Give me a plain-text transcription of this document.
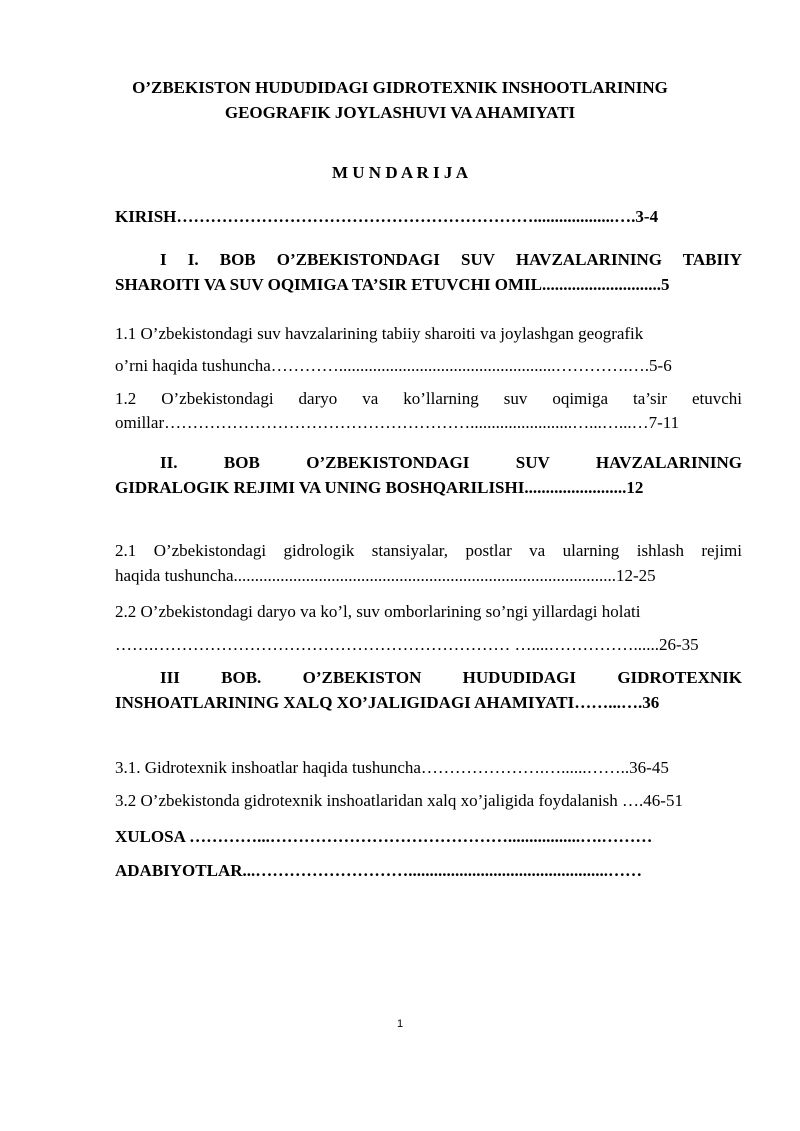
O’ZBEKISTON HUDUDIDAGI GIDROTEXNIK INSHOOTLARINING
GEOGRAFIK JOYLASHUVI VA AHAMIYATI
M U N D A R I J A
KIRISH………………………………………………………...................….3-4
I I. BOB O’ZBEKISTONDAGI SUV HAVZALARINING TABIIY
SHAROITI VA SUV OQIMIGA TA’SIR ETUVCHI OMIL............................5
1.1 O’zbekistondagi suv havzalarining tabiiy sharoiti va joylashgan geografik
o’rni haqida tushuncha…………...................................................………….….5-6
1.2 O’zbekistondagi daryo va ko’llarning suv oqimiga ta’sir etuvchi
omillar………………………………………………........................…...…...…7-11
II. BOB O’ZBEKISTONDAGI SUV HAVZALARINING
GIDRALOGIK REJIMI VA UNING BOSHQARILISHI........................12
2.1 O’zbekistondagi gidrologik stansiyalar, postlar va ularning ishlash rejimi
haqida tushuncha..........................................................................................12-25
2.2 O’zbekistondagi daryo va ko’l, suv omborlarining so’ngi yillardagi holati
…….……………………………………………………… …....……………......26-35
III BOB. O’ZBEKISTON HUDUDIDAGI GIDROTEXNIK
INSHOATLARINING XALQ XO’JALIGIDAGI AHAMIYATI……...….36
3.1. Gidrotexnik inshoatlar haqida tushuncha………………….…......……..36-45
3.2 O’zbekistonda gidrotexnik inshoatlaridan xalq xo’jaligida foydalanish ….46-51
XULOSA …………...…………………………………….................….………
ADABIYOTLAR...………………………...............................................……
1
